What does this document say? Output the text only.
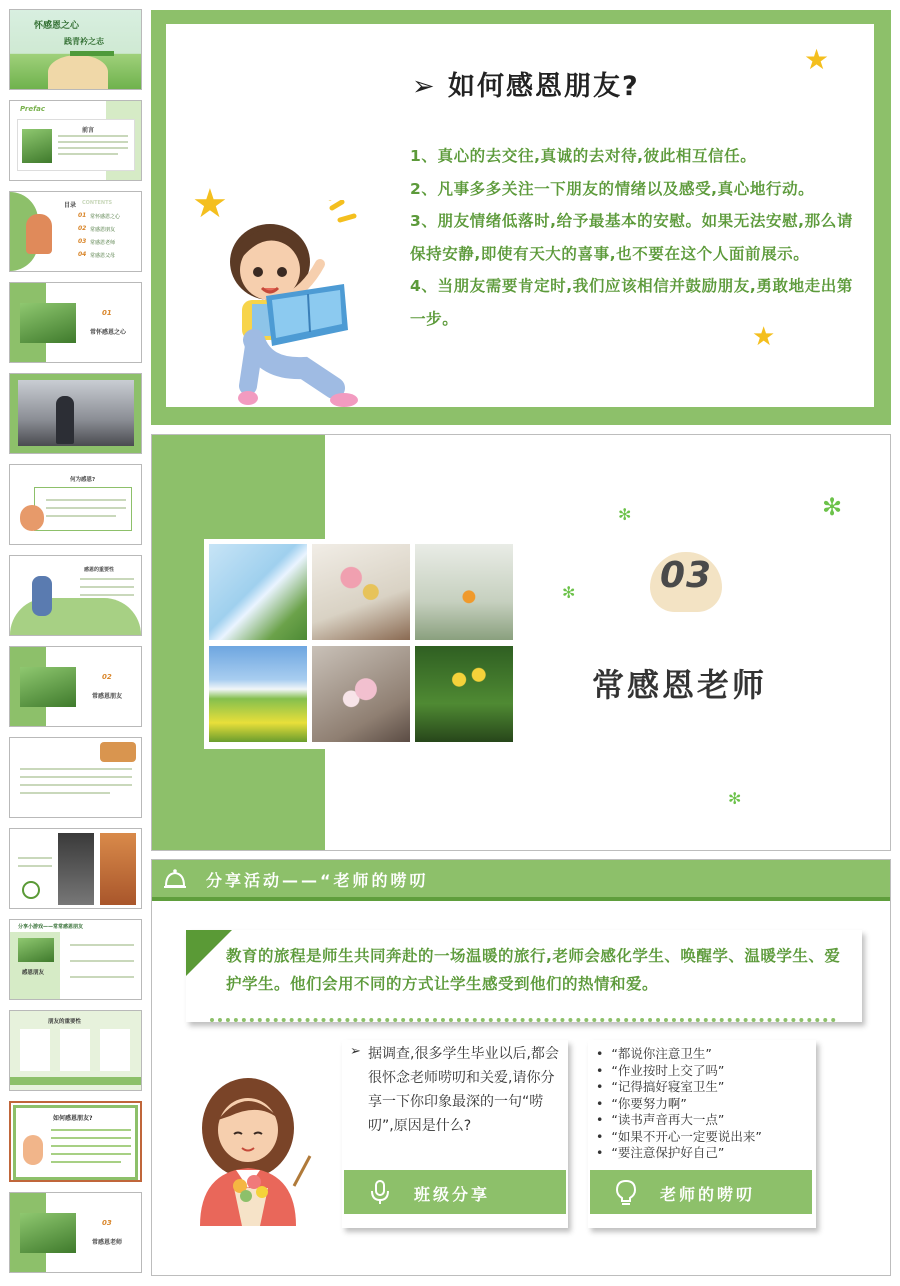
怀感恩之心
践青衿之志
Prefac
前言
目录 CONTENTS
01 常怀感恩之心
02 常感恩朋友
03 常感恩老师
04 常感恩父母
01
常怀感恩之心
何为感恩?
感恩的重要性
02
常感恩朋友
分享小游戏——常常感恩朋友
感恩朋友
朋友的重要性
如何感恩朋友?
03
常感恩老师
★
★
★
➢ 如何感恩朋友?

1、真心的去交往,真诚的去对待,彼此相互信任。

2、凡事多多关注一下朋友的情绪以及感受,真心地行动。

3、朋友情绪低落时,给予最基本的安慰。如果无法安慰,那么请保持安静,即使有天大的喜事,也不要在这个人面前展示。

4、当朋友需要肯定时,我们应该相信并鼓励朋友,勇敢地走出第一步。

✻	✻
✻
✻
03
常感恩老师
分享活动——“老师的唠叨
教育的旅程是师生共同奔赴的一场温暖的旅行,老师会感化学生、唤醒学、温暖学生、爱护学生。他们会用不同的方式让学生感受到他们的热情和爱。
➢ 据调查,很多学生毕业以后,都会很怀念老师唠叨和关爱,请你分享一下你印象最深的一句“唠叨”,原因是什么?
班级分享
• “都说你注意卫生”
• “作业按时上交了吗”
• “记得搞好寝室卫生”
• “你要努力啊”
• “读书声音再大一点”
• “如果不开心一定要说出来”
• “要注意保护好自己”
老师的唠叨
